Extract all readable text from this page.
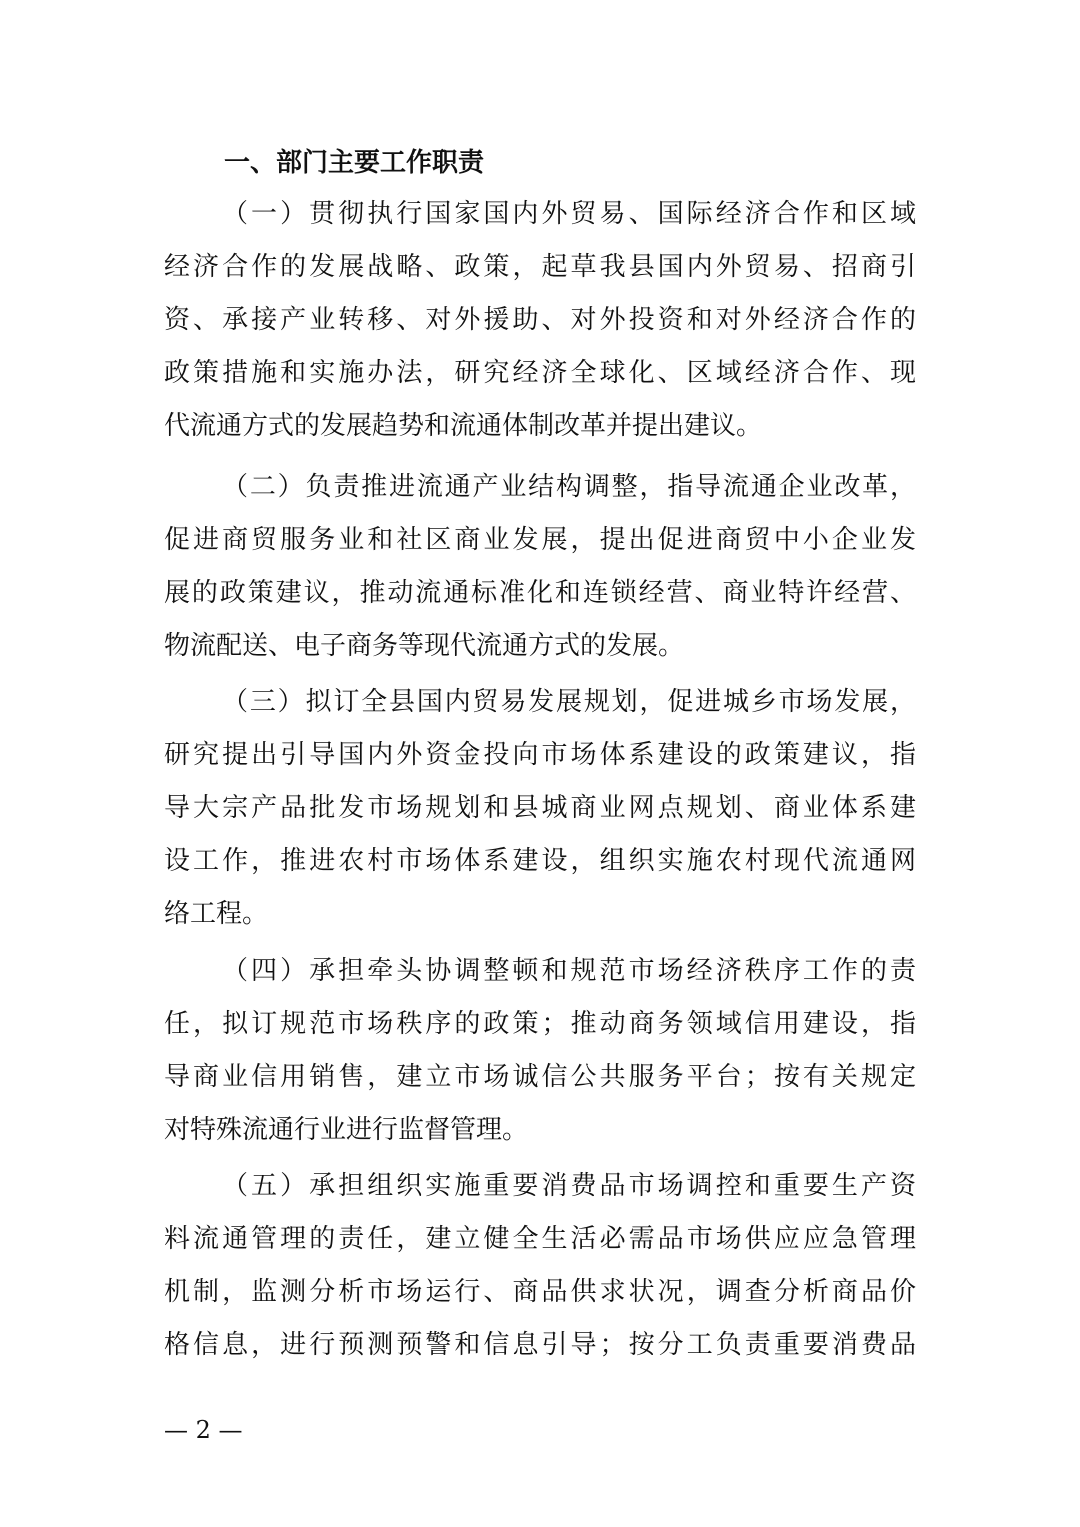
一、部门主要工作职责
（一）贯彻执行国家国内外贸易、国际经济合作和区域
经济合作的发展战略、政策，起草我县国内外贸易、招商引
资、承接产业转移、对外援助、对外投资和对外经济合作的
政策措施和实施办法，研究经济全球化、区域经济合作、现
代流通方式的发展趋势和流通体制改革并提出建议。
（二）负责推进流通产业结构调整，指导流通企业改革，
促进商贸服务业和社区商业发展，提出促进商贸中小企业发
展的政策建议，推动流通标准化和连锁经营、商业特许经营、
物流配送、电子商务等现代流通方式的发展。
（三）拟订全县国内贸易发展规划，促进城乡市场发展，
研究提出引导国内外资金投向市场体系建设的政策建议，指
导大宗产品批发市场规划和县城商业网点规划、商业体系建
设工作，推进农村市场体系建设，组织实施农村现代流通网
络工程。
（四）承担牵头协调整顿和规范市场经济秩序工作的责
任，拟订规范市场秩序的政策；推动商务领域信用建设，指
导商业信用销售，建立市场诚信公共服务平台；按有关规定
对特殊流通行业进行监督管理。
（五）承担组织实施重要消费品市场调控和重要生产资
料流通管理的责任，建立健全生活必需品市场供应应急管理
机制，监测分析市场运行、商品供求状况，调查分析商品价
格信息，进行预测预警和信息引导；按分工负责重要消费品
— 2 —
